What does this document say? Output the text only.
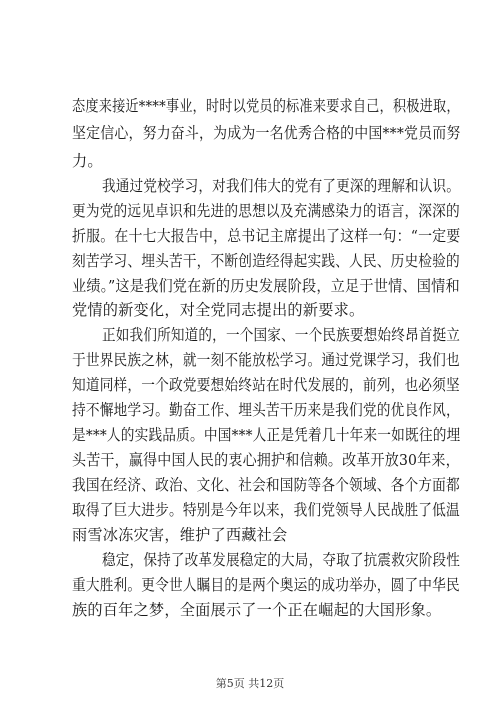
态度来接近****事业，时时以党员的标准来要求自己，积极进取，
坚定信心，努力奋斗，为成为一名优秀合格的中国***党员而努
力。
我通过党校学习，对我们伟大的党有了更深的理解和认识。
更为党的远见卓识和先进的思想以及充满感染力的语言，深深的
折服。在十七大报告中，总书记主席提出了这样一句：“一定要
刻苦学习、埋头苦干，不断创造经得起实践、人民、历史检验的
业绩。”这是我们党在新的历史发展阶段，立足于世情、国情和
党情的新变化，对全党同志提出的新要求。
正如我们所知道的，一个国家、一个民族要想始终昂首挺立
于世界民族之林，就一刻不能放松学习。通过党课学习，我们也
知道同样，一个政党要想始终站在时代发展的，前列，也必须坚
持不懈地学习。勤奋工作、埋头苦干历来是我们党的优良作风，
是***人的实践品质。中国***人正是凭着几十年来一如既往的埋
头苦干，赢得中国人民的衷心拥护和信赖。改革开放30年来，
我国在经济、政治、文化、社会和国防等各个领域、各个方面都
取得了巨大进步。特别是今年以来，我们党领导人民战胜了低温
雨雪冰冻灾害，维护了西藏社会
稳定，保持了改革发展稳定的大局，夺取了抗震救灾阶段性
重大胜利。更令世人瞩目的是两个奥运的成功举办，圆了中华民
族的百年之梦，全面展示了一个正在崛起的大国形象。
第5页 共12页
